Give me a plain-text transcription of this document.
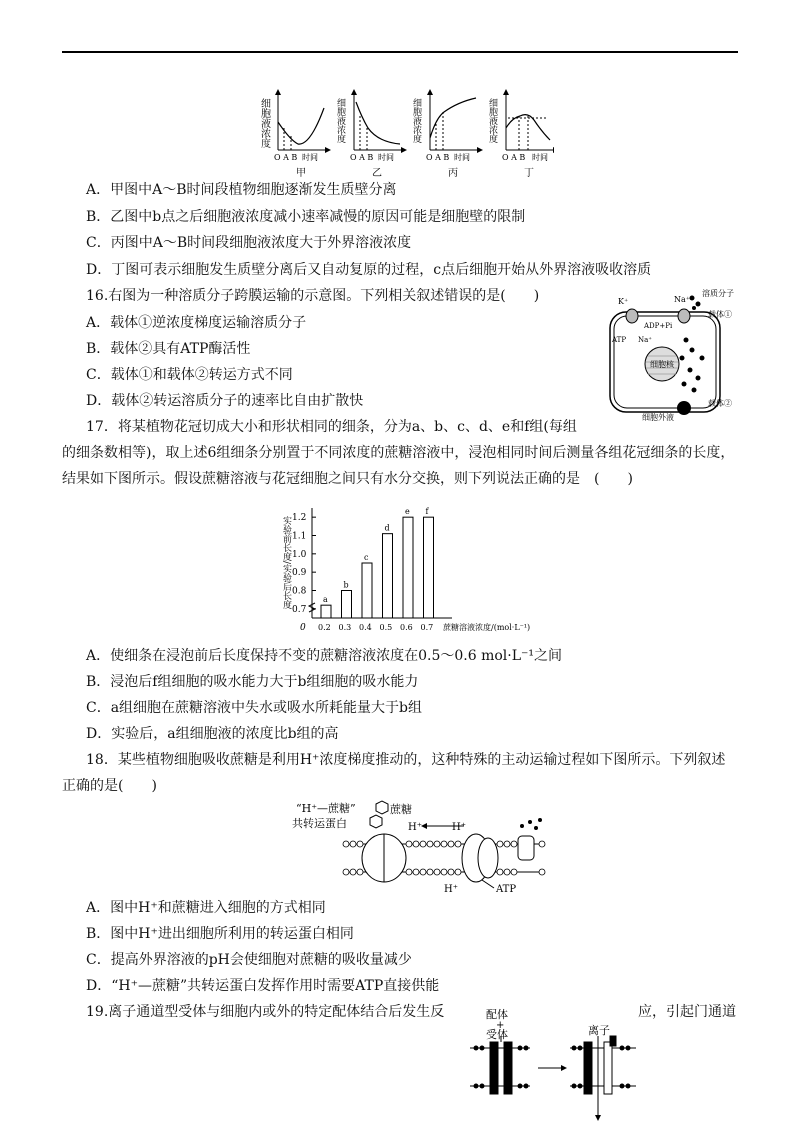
细胞液浓度
O A B 时间
甲
细胞液浓度
O A B 时间
乙
细胞液浓度
O A B 时间
丙
细胞液浓度
O A B 时间
丁
A．甲图中A～B时间段植物细胞逐渐发生质壁分离
B．乙图中b点之后细胞液浓度减小速率减慢的原因可能是细胞壁的限制
C．丙图中A～B时间段细胞液浓度大于外界溶液浓度
D．丁图可表示细胞发生质壁分离后又自动复原的过程，c点后细胞开始从外界溶液吸收溶质
16.右图为一种溶质分子跨膜运输的示意图。下列相关叙述错误的是(　　)
A．载体①逆浓度梯度运输溶质分子
B．载体②具有ATP酶活性
C．载体①和载体②转运方式不同
D．载体②转运溶质分子的速率比自由扩散快
细胞核
K⁺	Na⁺
溶质分子
载体①
载体②
ADP+Pi
ATP Na⁺
细胞外液
17．将某植物花冠切成大小和形状相同的细条，分为a、b、c、d、e和f组(每组
的细条数相等)，取上述6组细条分别置于不同浓度的蔗糖溶液中，浸泡相同时间后测量各组花冠细条的长度，
结果如下图所示。假设蔗糖溶液与花冠细胞之间只有水分交换，则下列说法正确的是　(　　)
实验前长度/实验后长度
0
0.7
0.8
0.9
1.0
1.1
1.2
a
0.2
b
0.3
c
0.4
d
0.5
e
0.6
f
0.7 蔗糖溶液浓度/(mol·L⁻¹)
A．使细条在浸泡前后长度保持不变的蔗糖溶液浓度在0.5～0.6 mol·L⁻¹之间
B．浸泡后f组细胞的吸水能力大于b组细胞的吸水能力
C．a组细胞在蔗糖溶液中失水或吸水所耗能量大于b组
D．实验后，a组细胞液的浓度比b组的高
18．某些植物细胞吸收蔗糖是利用H⁺浓度梯度推动的，这种特殊的主动运输过程如下图所示。下列叙述
正确的是(　　)
“H⁺—蔗糖”
共转运蛋白
蔗糖
H⁺	H⁺
H⁺	ATP
A．图中H⁺和蔗糖进入细胞的方式相同
B．图中H⁺进出细胞所利用的转运蛋白相同
C．提高外界溶液的pH会使细胞对蔗糖的吸收量减少
D．“H⁺—蔗糖”共转运蛋白发挥作用时需要ATP直接供能
19.离子通道型受体与细胞内或外的特定配体结合后发生反	应，引起门通道
配体
+
受体	离子
